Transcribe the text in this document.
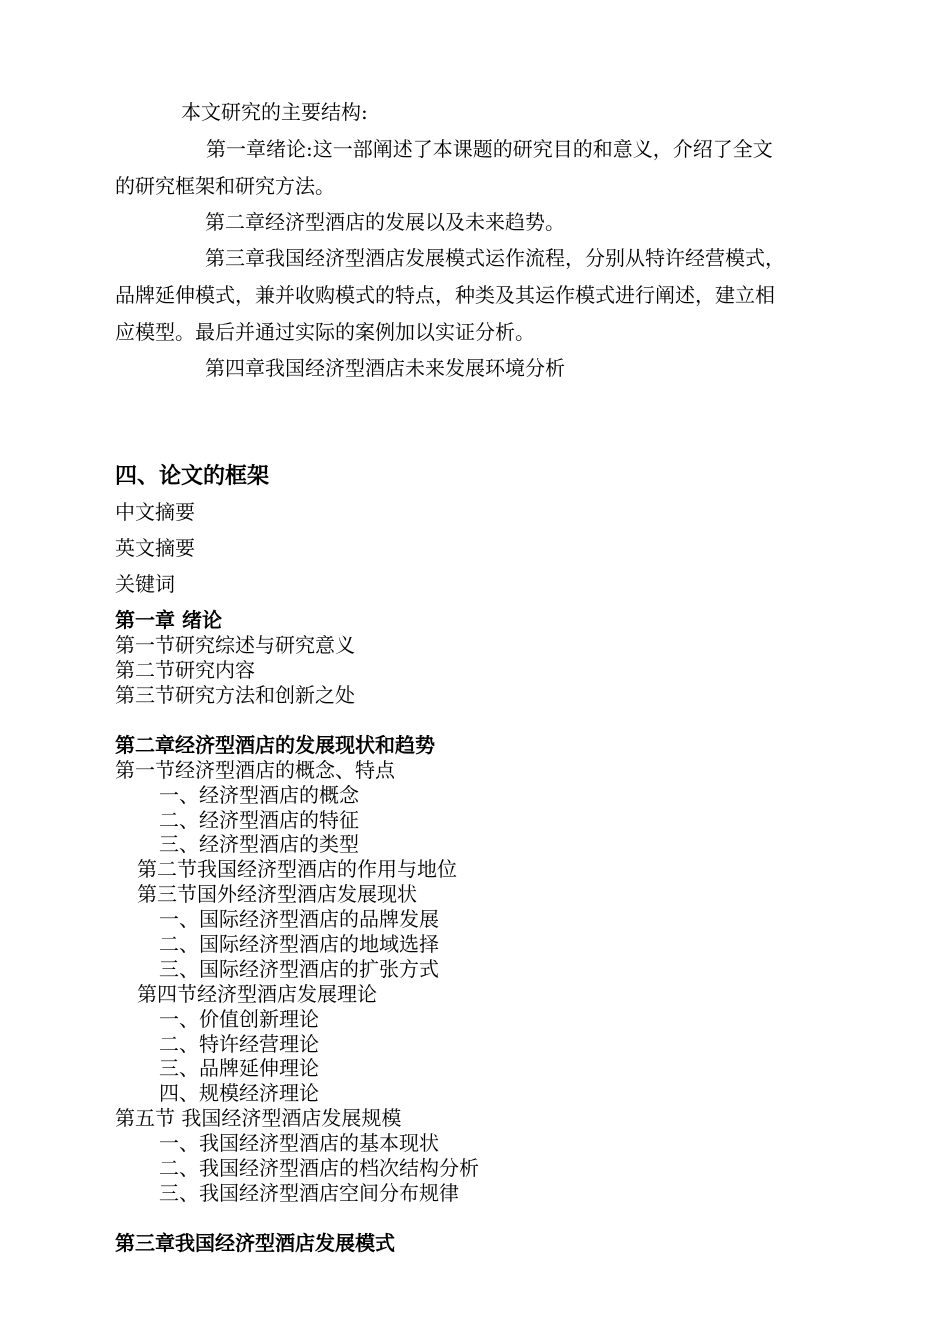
本文研究的主要结构:
第一章绪论:这一部阐述了本课题的研究目的和意义，介绍了全文
的研究框架和研究方法。
第二章经济型酒店的发展以及未来趋势。
第三章我国经济型酒店发展模式运作流程，分别从特许经营模式，
品牌延伸模式，兼并收购模式的特点，种类及其运作模式进行阐述，建立相
应模型。最后并通过实际的案例加以实证分析。
第四章我国经济型酒店未来发展环境分析
四、论文的框架
中文摘要
英文摘要
关键词
第一章 绪论
第一节研究综述与研究意义
第二节研究内容
第三节研究方法和创新之处
第二章经济型酒店的发展现状和趋势
第一节经济型酒店的概念、特点
一、经济型酒店的概念
二、经济型酒店的特征
三、经济型酒店的类型
第二节我国经济型酒店的作用与地位
第三节国外经济型酒店发展现状
一、国际经济型酒店的品牌发展
二、国际经济型酒店的地域选择
三、国际经济型酒店的扩张方式
第四节经济型酒店发展理论
一、价值创新理论
二、特许经营理论
三、品牌延伸理论
四、规模经济理论
第五节 我国经济型酒店发展规模
一、我国经济型酒店的基本现状
二、我国经济型酒店的档次结构分析
三、我国经济型酒店空间分布规律
第三章我国经济型酒店发展模式
